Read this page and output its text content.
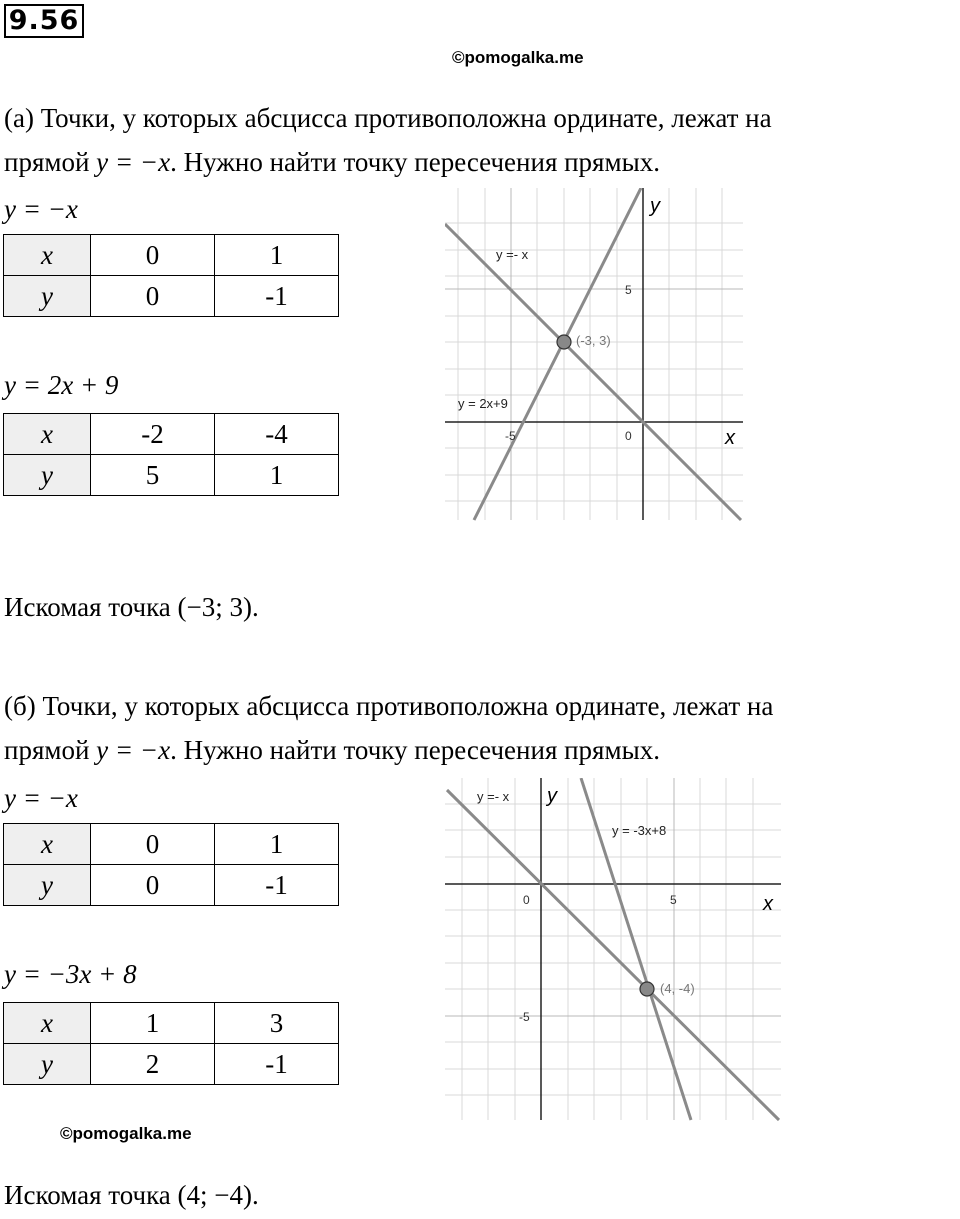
9.56
©pomogalka.me
(а) Точки, у которых абсцисса противоположна ординате, лежат на
прямой y = −x. Нужно найти точку пересечения прямых.
y = −x
x	0	1
y	0	-1
y = 2x + 9
x	-2	-4
y	5	1
y =- x
y = 2x+9
(-3, 3)
5
-5	0	x
y
Искомая точка (−3; 3).
(б) Точки, у которых абсцисса противоположна ординате, лежат на
прямой y = −x. Нужно найти точку пересечения прямых.
y = −x
x	0	1
y	0	-1
y = −3x + 8
x	1	3
y	2	-1
y =- x
y = -3x+8
(4, -4)
5
-5
0	x
y
©pomogalka.me
Искомая точка (4; −4).
